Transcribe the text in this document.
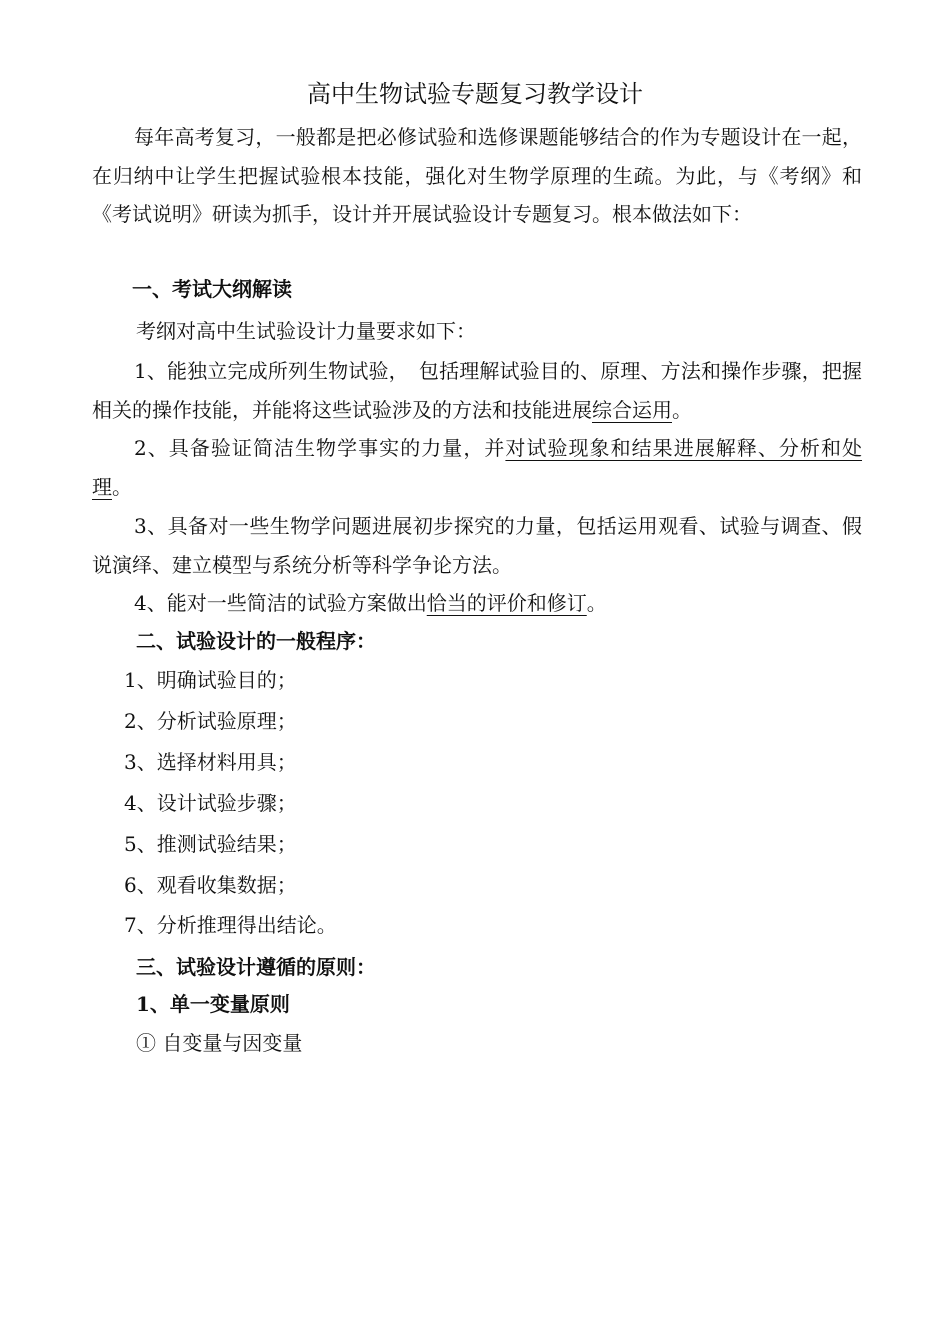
高中生物试验专题复习教学设计

每年高考复习，一般都是把必修试验和选修课题能够结合的作为专题设计在一起，在归纳中让学生把握试验根本技能，强化对生物学原理的生疏。为此，与《考纲》和《考试说明》研读为抓手，设计并开展试验设计专题复习。根本做法如下：

一、考试大纲解读
考纲对高中生试验设计力量要求如下：

1、能独立完成所列生物试验，　包括理解试验目的、原理、方法和操作步骤，把握相关的操作技能，并能将这些试验涉及的方法和技能进展综合运用。

2、具备验证简洁生物学事实的力量，并对试验现象和结果进展解释、分析和处理。

3、具备对一些生物学问题进展初步探究的力量，包括运用观看、试验与调查、假说演绎、建立模型与系统分析等科学争论方法。

4、能对一些简洁的试验方案做出恰当的评价和修订。

二、试验设计的一般程序：
1、明确试验目的；
2、分析试验原理；
3、选择材料用具；
4、设计试验步骤；
5、推测试验结果；
6、观看收集数据；
7、分析推理得出结论。
三、试验设计遵循的原则：
1、单一变量原则
① 自变量与因变量
